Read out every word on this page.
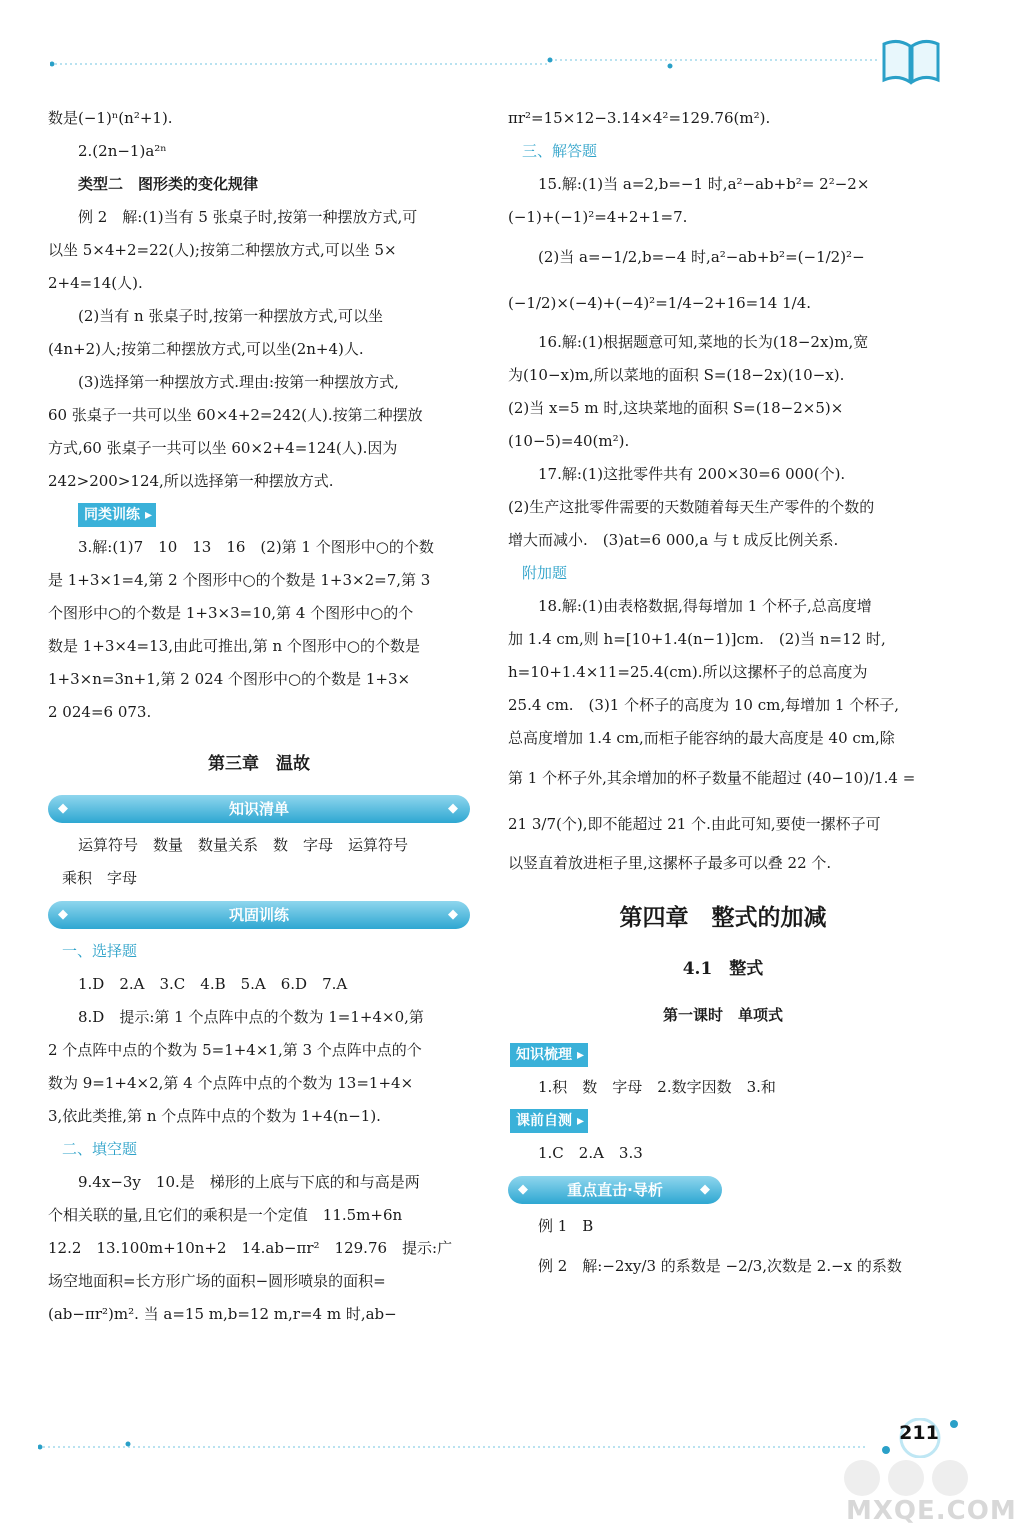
数是(−1)ⁿ(n²+1).
2.(2n−1)a²ⁿ
类型二　图形类的变化规律
例 2　解:(1)当有 5 张桌子时,按第一种摆放方式,可
以坐 5×4+2=22(人);按第二种摆放方式,可以坐 5×
2+4=14(人).
(2)当有 n 张桌子时,按第一种摆放方式,可以坐
(4n+2)人;按第二种摆放方式,可以坐(2n+4)人.
(3)选择第一种摆放方式.理由:按第一种摆放方式,
60 张桌子一共可以坐 60×4+2=242(人).按第二种摆放
方式,60 张桌子一共可以坐 60×2+4=124(人).因为
242>200>124,所以选择第一种摆放方式.
同类训练 ▸
3.解:(1)7　10　13　16　(2)第 1 个图形中○的个数
是 1+3×1=4,第 2 个图形中○的个数是 1+3×2=7,第 3
个图形中○的个数是 1+3×3=10,第 4 个图形中○的个
数是 1+3×4=13,由此可推出,第 n 个图形中○的个数是
1+3×n=3n+1,第 2 024 个图形中○的个数是 1+3×
2 024=6 073.
第三章　温故
◆	知识清单	◆
运算符号　数量　数量关系　数　字母　运算符号
乘积　字母
◆	巩固训练	◆
一、选择题
1.D　2.A　3.C　4.B　5.A　6.D　7.A
8.D　提示:第 1 个点阵中点的个数为 1=1+4×0,第
2 个点阵中点的个数为 5=1+4×1,第 3 个点阵中点的个
数为 9=1+4×2,第 4 个点阵中点的个数为 13=1+4×
3,依此类推,第 n 个点阵中点的个数为 1+4(n−1).
二、填空题
9.4x−3y　10.是　梯形的上底与下底的和与高是两
个相关联的量,且它们的乘积是一个定值　11.5m+6n
12.2　13.100m+10n+2　14.ab−πr²　129.76　提示:广
场空地面积=长方形广场的面积−圆形喷泉的面积=
(ab−πr²)m². 当 a=15 m,b=12 m,r=4 m 时,ab−
πr²=15×12−3.14×4²=129.76(m²).
三、解答题
15.解:(1)当 a=2,b=−1 时,a²−ab+b²= 2²−2×
(−1)+(−1)²=4+2+1=7.
(2)当 a=−1/2,b=−4 时,a²−ab+b²=(−1/2)²−
(−1/2)×(−4)+(−4)²=1/4−2+16=14 1/4.
16.解:(1)根据题意可知,菜地的长为(18−2x)m,宽
为(10−x)m,所以菜地的面积 S=(18−2x)(10−x).
(2)当 x=5 m 时,这块菜地的面积 S=(18−2×5)×
(10−5)=40(m²).
17.解:(1)这批零件共有 200×30=6 000(个).
(2)生产这批零件需要的天数随着每天生产零件的个数的
增大而减小.　(3)at=6 000,a 与 t 成反比例关系.
附加题
18.解:(1)由表格数据,得每增加 1 个杯子,总高度增
加 1.4 cm,则 h=[10+1.4(n−1)]cm.　(2)当 n=12 时,
h=10+1.4×11=25.4(cm).所以这摞杯子的总高度为
25.4 cm.　(3)1 个杯子的高度为 10 cm,每增加 1 个杯子,
总高度增加 1.4 cm,而柜子能容纳的最大高度是 40 cm,除
第 1 个杯子外,其余增加的杯子数量不能超过 (40−10)/1.4 =
21 3/7(个),即不能超过 21 个.由此可知,要使一摞杯子可
以竖直着放进柜子里,这摞杯子最多可以叠 22 个.
第四章　整式的加减
4.1　整式
第一课时　单项式
知识梳理 ▸
1.积　数　字母　2.数字因数　3.和
课前自测 ▸
1.C　2.A　3.3
◆	重点直击·导析	◆
例 1　B
例 2　解:−2xy/3 的系数是 −2/3,次数是 2.−x 的系数
211
MXQE.COM
